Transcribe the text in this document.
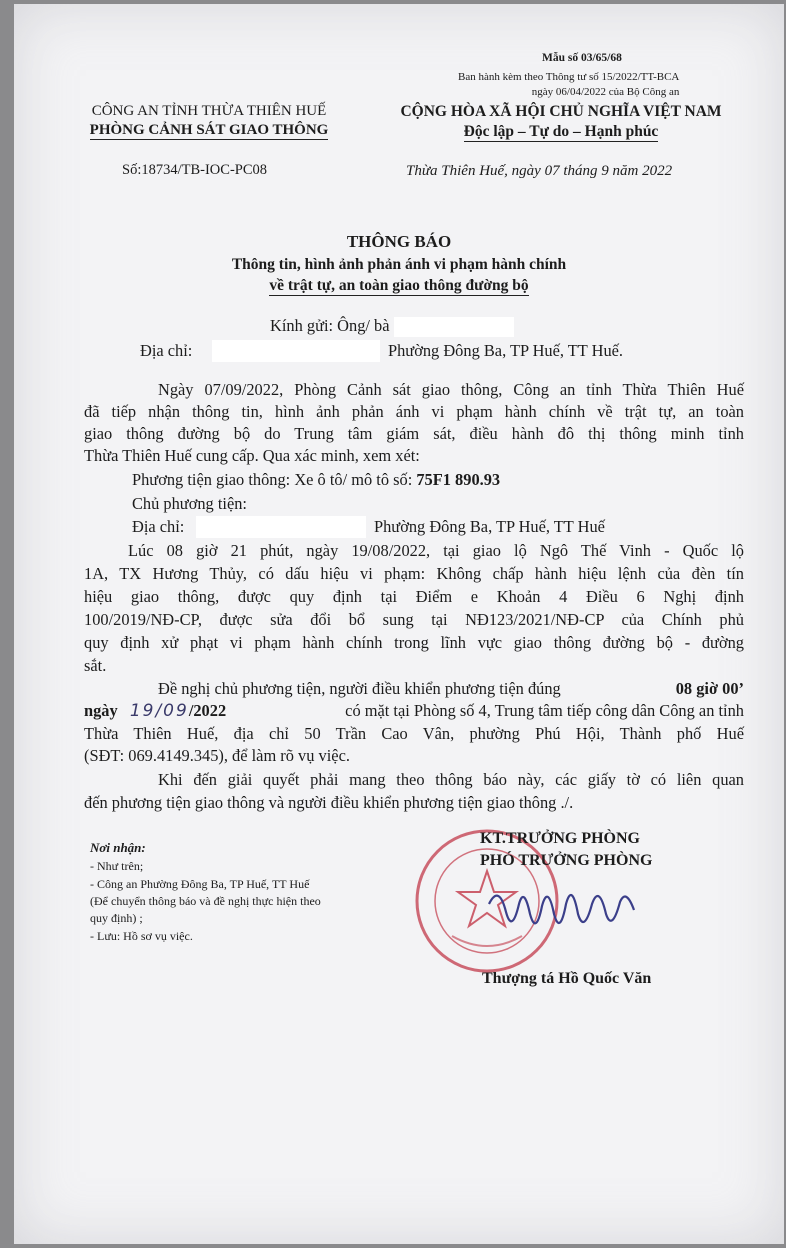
Mẫu số 03/65/68
Ban hành kèm theo Thông tư số 15/2022/TT-BCA
ngày 06/04/2022 của Bộ Công an
CÔNG AN TỈNH THỪA THIÊN HUẾ
PHÒNG CẢNH SÁT GIAO THÔNG
CỘNG HÒA XÃ HỘI CHỦ NGHĨA VIỆT NAM
Độc lập – Tự do – Hạnh phúc
Số:18734/TB-IOC-PC08	Thừa Thiên Huế, ngày 07 tháng 9 năm 2022
THÔNG BÁO
Thông tin, hình ảnh phản ánh vi phạm hành chính
về trật tự, an toàn giao thông đường bộ
Kính gửi: Ông/ bà
Địa chỉ:	Phường Đông Ba, TP Huế, TT Huế.
Ngày 07/09/2022, Phòng Cảnh sát giao thông, Công an tỉnh Thừa Thiên Huế
đã tiếp nhận thông tin, hình ảnh phản ánh vi phạm hành chính về trật tự, an toàn
giao thông đường bộ do Trung tâm giám sát, điều hành đô thị thông minh tỉnh
Thừa Thiên Huế cung cấp. Qua xác minh, xem xét:
Phương tiện giao thông: Xe ô tô/ mô tô số: 75F1 890.93
Chủ phương tiện:
Địa chỉ:	Phường Đông Ba, TP Huế, TT Huế
Lúc 08 giờ 21 phút, ngày 19/08/2022, tại giao lộ Ngô Thế Vinh - Quốc lộ
1A, TX Hương Thủy, có dấu hiệu vi phạm: Không chấp hành hiệu lệnh của đèn tín
hiệu giao thông, được quy định tại Điểm e Khoản 4 Điều 6 Nghị định
100/2019/NĐ-CP, được sửa đổi bổ sung tại NĐ123/2021/NĐ-CP của Chính phủ
quy định xử phạt vi phạm hành chính trong lĩnh vực giao thông đường bộ - đường
sắt.
Đề nghị chủ phương tiện, người điều khiển phương tiện đúng	08 giờ 00’
ngày 19/09/2022	có mặt tại Phòng số 4, Trung tâm tiếp công dân Công an tỉnh
Thừa Thiên Huế, địa chỉ 50 Trần Cao Vân, phường Phú Hội, Thành phố Huế
(SĐT: 069.4149.345), để làm rõ vụ việc.
Khi đến giải quyết phải mang theo thông báo này, các giấy tờ có liên quan
đến phương tiện giao thông và người điều khiển phương tiện giao thông ./.
Nơi nhận:
- Như trên;
- Công an Phường Đông Ba, TP Huế, TT Huế
(Để chuyển thông báo và đề nghị thực hiện theo
quy định) ;
- Lưu: Hồ sơ vụ việc.
KT.TRƯỞNG PHÒNG
PHÓ TRƯỞNG PHÒNG
Thượng tá Hồ Quốc Văn
